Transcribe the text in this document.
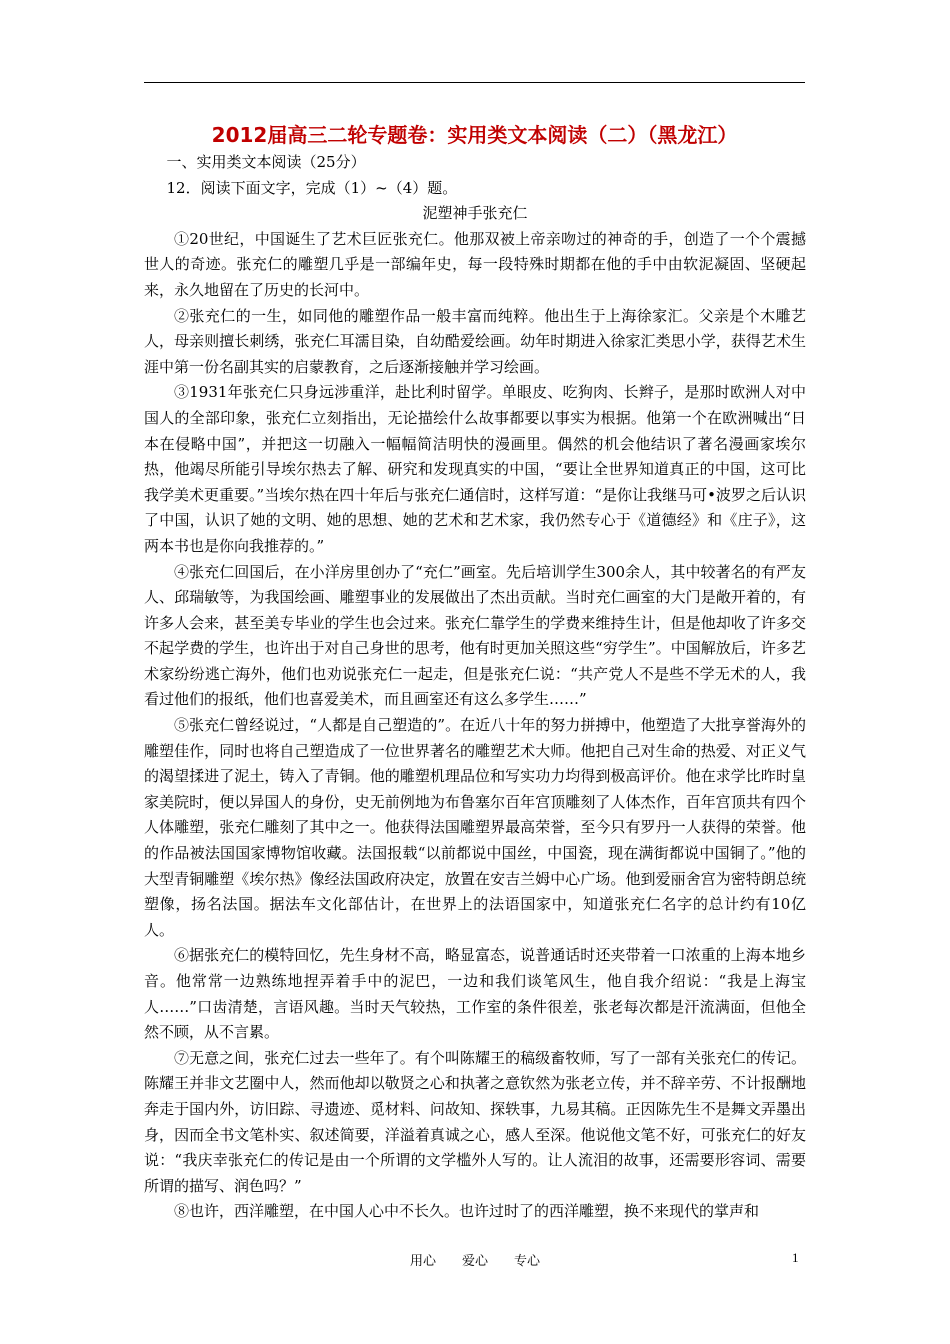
2012届高三二轮专题卷：实用类文本阅读（二）（黑龙江）

一、实用类文本阅读（25分）

12．阅读下面文字，完成（1）~（4）题。

泥塑神手张充仁

①20世纪，中国诞生了艺术巨匠张充仁。他那双被上帝亲吻过的神奇的手，创造了一个个震撼世人的奇迹。张充仁的雕塑几乎是一部编年史，每一段特殊时期都在他的手中由软泥凝固、坚硬起来，永久地留在了历史的长河中。

②张充仁的一生，如同他的雕塑作品一般丰富而纯粹。他出生于上海徐家汇。父亲是个木雕艺人，母亲则擅长刺绣，张充仁耳濡目染，自幼酷爱绘画。幼年时期进入徐家汇类思小学，获得艺术生涯中第一份名副其实的启蒙教育，之后逐渐接触并学习绘画。

③1931年张充仁只身远涉重洋，赴比利时留学。单眼皮、吃狗肉、长辫子，是那时欧洲人对中国人的全部印象，张充仁立刻指出，无论描绘什么故事都要以事实为根据。他第一个在欧洲喊出“日本在侵略中国”，并把这一切融入一幅幅简洁明快的漫画里。偶然的机会他结识了著名漫画家埃尔热，他竭尽所能引导埃尔热去了解、研究和发现真实的中国，“要让全世界知道真正的中国，这可比我学美术更重要。”当埃尔热在四十年后与张充仁通信时，这样写道：“是你让我继马可•波罗之后认识了中国，认识了她的文明、她的思想、她的艺术和艺术家，我仍然专心于《道德经》和《庄子》，这两本书也是你向我推荐的。”

④张充仁回国后，在小洋房里创办了“充仁”画室。先后培训学生300余人，其中较著名的有严友人、邱瑞敏等，为我国绘画、雕塑事业的发展做出了杰出贡献。当时充仁画室的大门是敞开着的，有许多人会来，甚至美专毕业的学生也会过来。张充仁靠学生的学费来维持生计，但是他却收了许多交不起学费的学生，也许出于对自己身世的思考，他有时更加关照这些“穷学生”。中国解放后，许多艺术家纷纷逃亡海外，他们也劝说张充仁一起走，但是张充仁说：“共产党人不是些不学无术的人，我看过他们的报纸，他们也喜爱美术，而且画室还有这么多学生……”

⑤张充仁曾经说过，“人都是自己塑造的”。在近八十年的努力拼搏中，他塑造了大批享誉海外的雕塑佳作，同时也将自己塑造成了一位世界著名的雕塑艺术大师。他把自己对生命的热爱、对正义气的渴望揉进了泥土，铸入了青铜。他的雕塑机理品位和写实功力均得到极高评价。他在求学比昨时皇家美院时，便以异国人的身份，史无前例地为布鲁塞尔百年宫顶雕刻了人体杰作，百年宫顶共有四个人体雕塑，张充仁雕刻了其中之一。他获得法国雕塑界最高荣誉，至今只有罗丹一人获得的荣誉。他的作品被法国国家博物馆收藏。法国报载“以前都说中国丝，中国瓷，现在满街都说中国铜了。”他的大型青铜雕塑《埃尔热》像经法国政府决定，放置在安吉兰姆中心广场。他到爱丽舍宫为密特朗总统塑像，扬名法国。据法车文化部估计，在世界上的法语国家中，知道张充仁名字的总计约有10亿人。

⑥据张充仁的模特回忆，先生身材不高，略显富态，说普通话时还夹带着一口浓重的上海本地乡音。他常常一边熟练地捏弄着手中的泥巴，一边和我们谈笔风生，他自我介绍说：“我是上海宝人……”口齿清楚，言语风趣。当时天气较热，工作室的条件很差，张老每次都是汗流满面，但他全然不顾，从不言累。

⑦无意之间，张充仁过去一些年了。有个叫陈耀王的稿级畜牧师，写了一部有关张充仁的传记。陈耀王并非文艺圈中人，然而他却以敬贤之心和执著之意钦然为张老立传，并不辞辛劳、不计报酬地奔走于国内外，访旧踪、寻遗迹、觅材料、问故知、探轶事，九易其稿。正因陈先生不是舞文弄墨出身，因而全书文笔朴实、叙述简要，洋溢着真诚之心，感人至深。他说他文笔不好，可张充仁的好友说：“我庆幸张充仁的传记是由一个所谓的文学槛外人写的。让人流泪的故事，还需要形容词、需要所谓的描写、润色吗？”

⑧也许，西洋雕塑，在中国人心中不长久。也许过时了的西洋雕塑，换不来现代的掌声和

用心　　爱心　　专心	1
